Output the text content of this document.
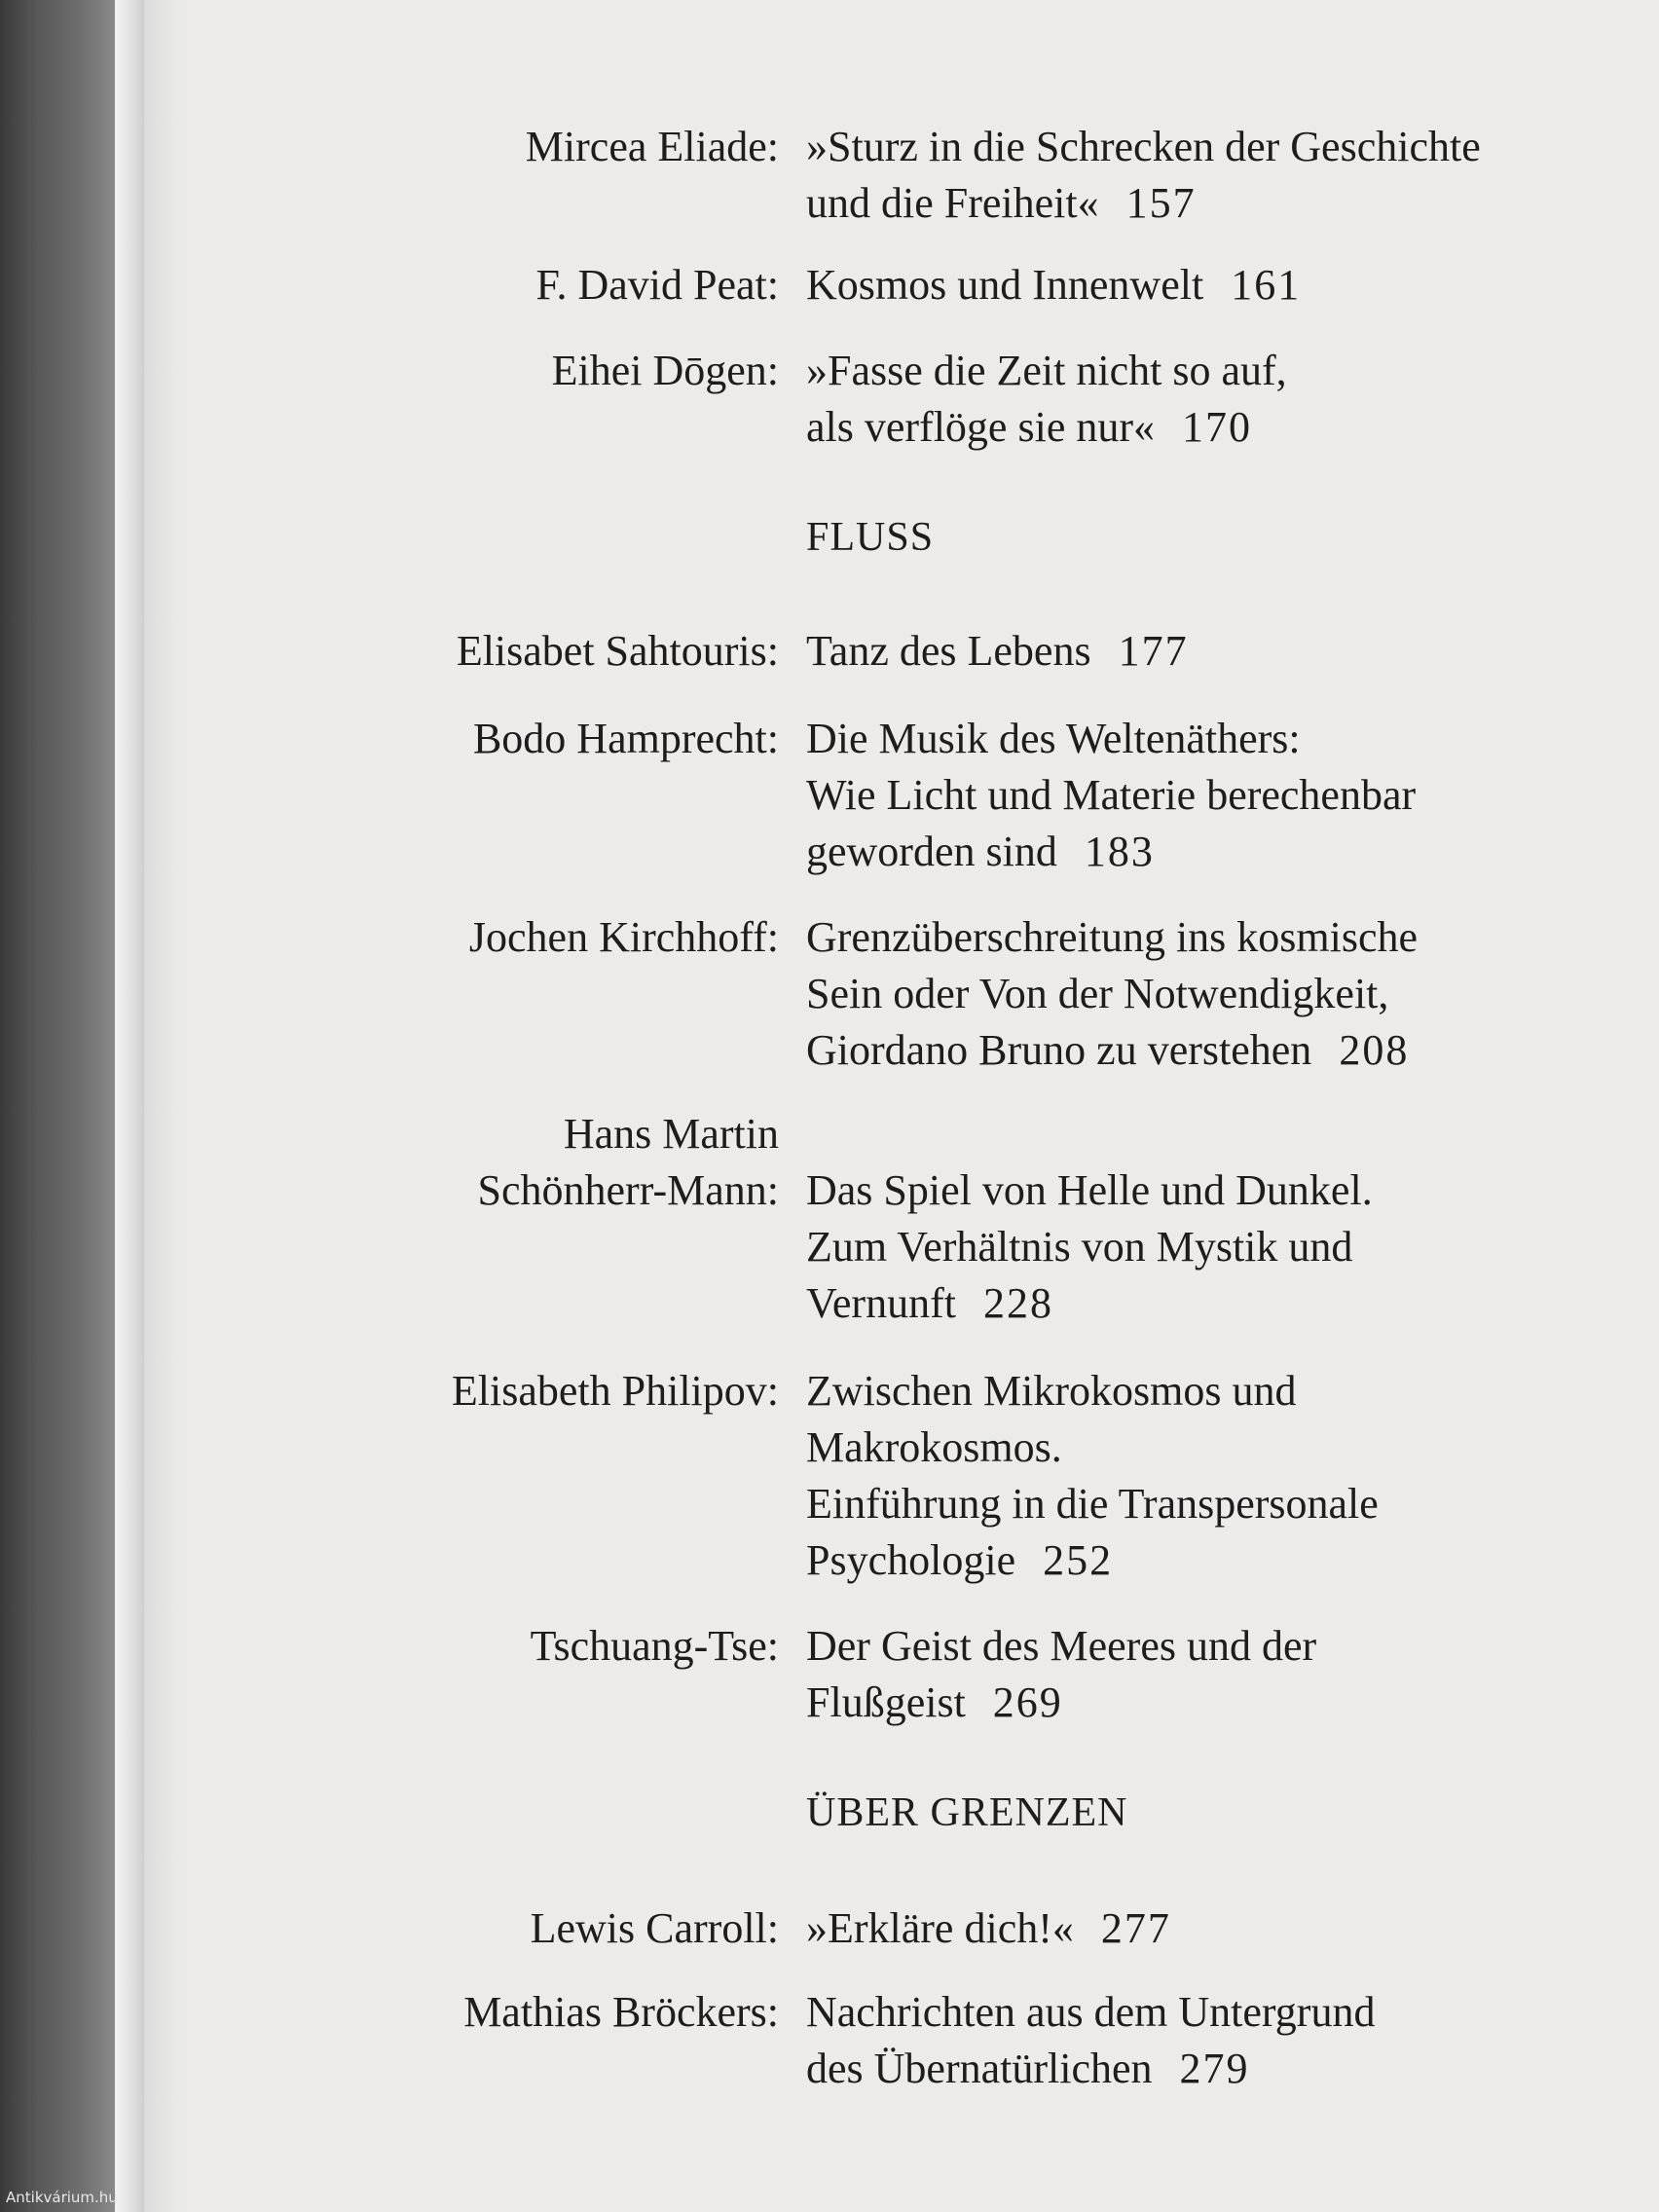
Mircea Eliade: »Sturz in die Schrecken der Geschichte
und die Freiheit« 157
F. David Peat: Kosmos und Innenwelt 161
Eihei Dōgen: »Fasse die Zeit nicht so auf,
als verflöge sie nur« 170
FLUSS
Elisabet Sahtouris: Tanz des Lebens 177
Bodo Hamprecht: Die Musik des Weltenäthers:
Wie Licht und Materie berechenbar
geworden sind 183
Jochen Kirchhoff: Grenzüberschreitung ins kosmische
Sein oder Von der Notwendigkeit,
Giordano Bruno zu verstehen 208
Hans Martin
Schönherr-Mann: Das Spiel von Helle und Dunkel.
Zum Verhältnis von Mystik und
Vernunft 228
Elisabeth Philipov: Zwischen Mikrokosmos und
Makrokosmos.
Einführung in die Transpersonale
Psychologie 252
Tschuang-Tse: Der Geist des Meeres und der
Flußgeist 269
ÜBER GRENZEN
Lewis Carroll: »Erkläre dich!« 277
Mathias Bröckers: Nachrichten aus dem Untergrund
des Übernatürlichen 279
Antikvárium.hu
